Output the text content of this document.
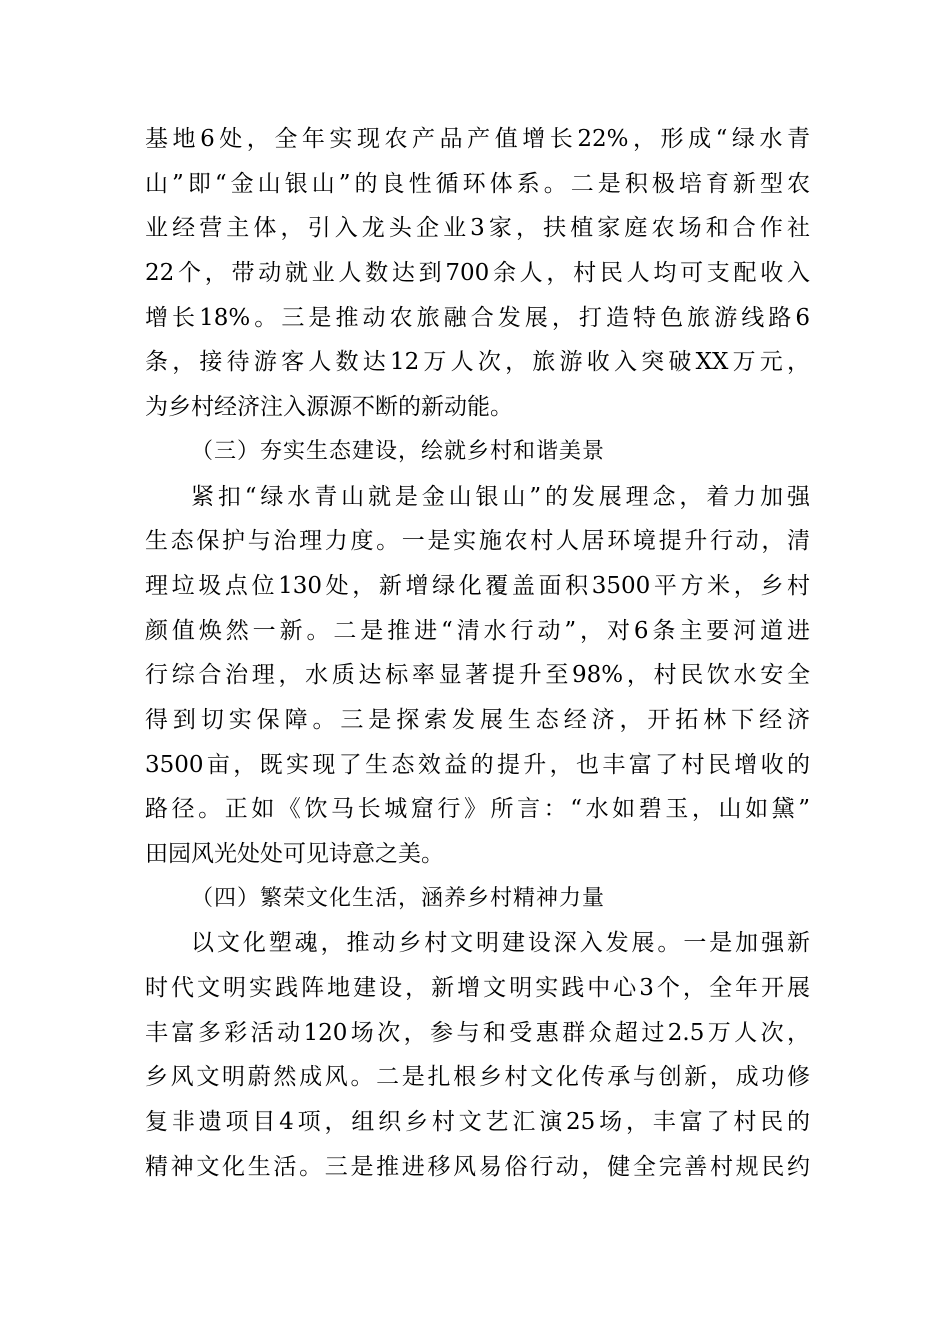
基地6处，全年实现农产品产值增长22%，形成“绿水青
山”即“金山银山”的良性循环体系。二是积极培育新型农
业经营主体，引入龙头企业3家，扶植家庭农场和合作社
22个，带动就业人数达到700余人，村民人均可支配收入
增长18%。三是推动农旅融合发展，打造特色旅游线路6
条，接待游客人数达12万人次，旅游收入突破XX万元，
为乡村经济注入源源不断的新动能。
（三）夯实生态建设，绘就乡村和谐美景
紧扣“绿水青山就是金山银山”的发展理念，着力加强
生态保护与治理力度。一是实施农村人居环境提升行动，清
理垃圾点位130处，新增绿化覆盖面积3500平方米，乡村
颜值焕然一新。二是推进“清水行动”，对6条主要河道进
行综合治理，水质达标率显著提升至98%，村民饮水安全
得到切实保障。三是探索发展生态经济，开拓林下经济
3500亩，既实现了生态效益的提升，也丰富了村民增收的
路径。正如《饮马长城窟行》所言：“水如碧玉，山如黛”
田园风光处处可见诗意之美。
（四）繁荣文化生活，涵养乡村精神力量
以文化塑魂，推动乡村文明建设深入发展。一是加强新
时代文明实践阵地建设，新增文明实践中心3个，全年开展
丰富多彩活动120场次，参与和受惠群众超过2.5万人次，
乡风文明蔚然成风。二是扎根乡村文化传承与创新，成功修
复非遗项目4项，组织乡村文艺汇演25场，丰富了村民的
精神文化生活。三是推进移风易俗行动，健全完善村规民约
